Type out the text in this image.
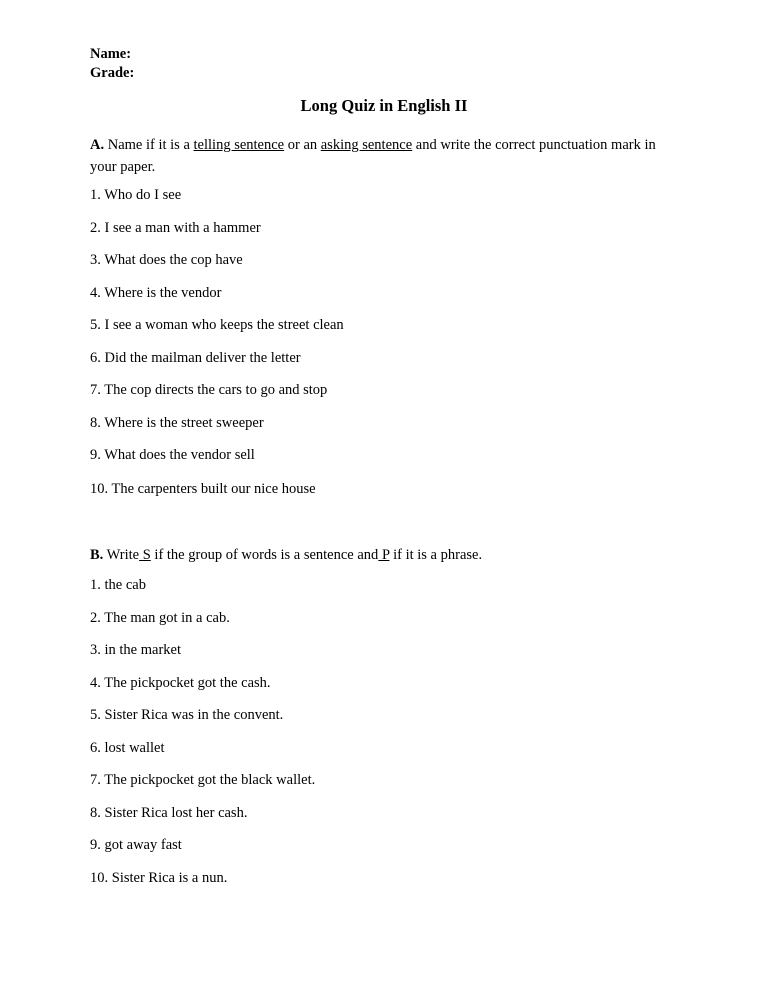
Name:
Grade:
Long Quiz in English II
A. Name if it is a telling sentence or an asking sentence and write the correct punctuation mark in your paper.
1. Who do I see
2. I see a man with a hammer
3. What does the cop have
4. Where is the vendor
5. I see a woman who keeps the street clean
6. Did the mailman deliver the letter
7. The cop directs the cars to go and stop
8. Where is the street sweeper
9. What does the vendor sell
10. The carpenters built our nice house
B. Write S if the group of words is a sentence and P if it is a phrase.
1. the cab
2. The man got in a cab.
3. in the market
4. The pickpocket got the cash.
5. Sister Rica was in the convent.
6. lost wallet
7. The pickpocket got the black wallet.
8. Sister Rica lost her cash.
9. got away fast
10. Sister Rica is a nun.
